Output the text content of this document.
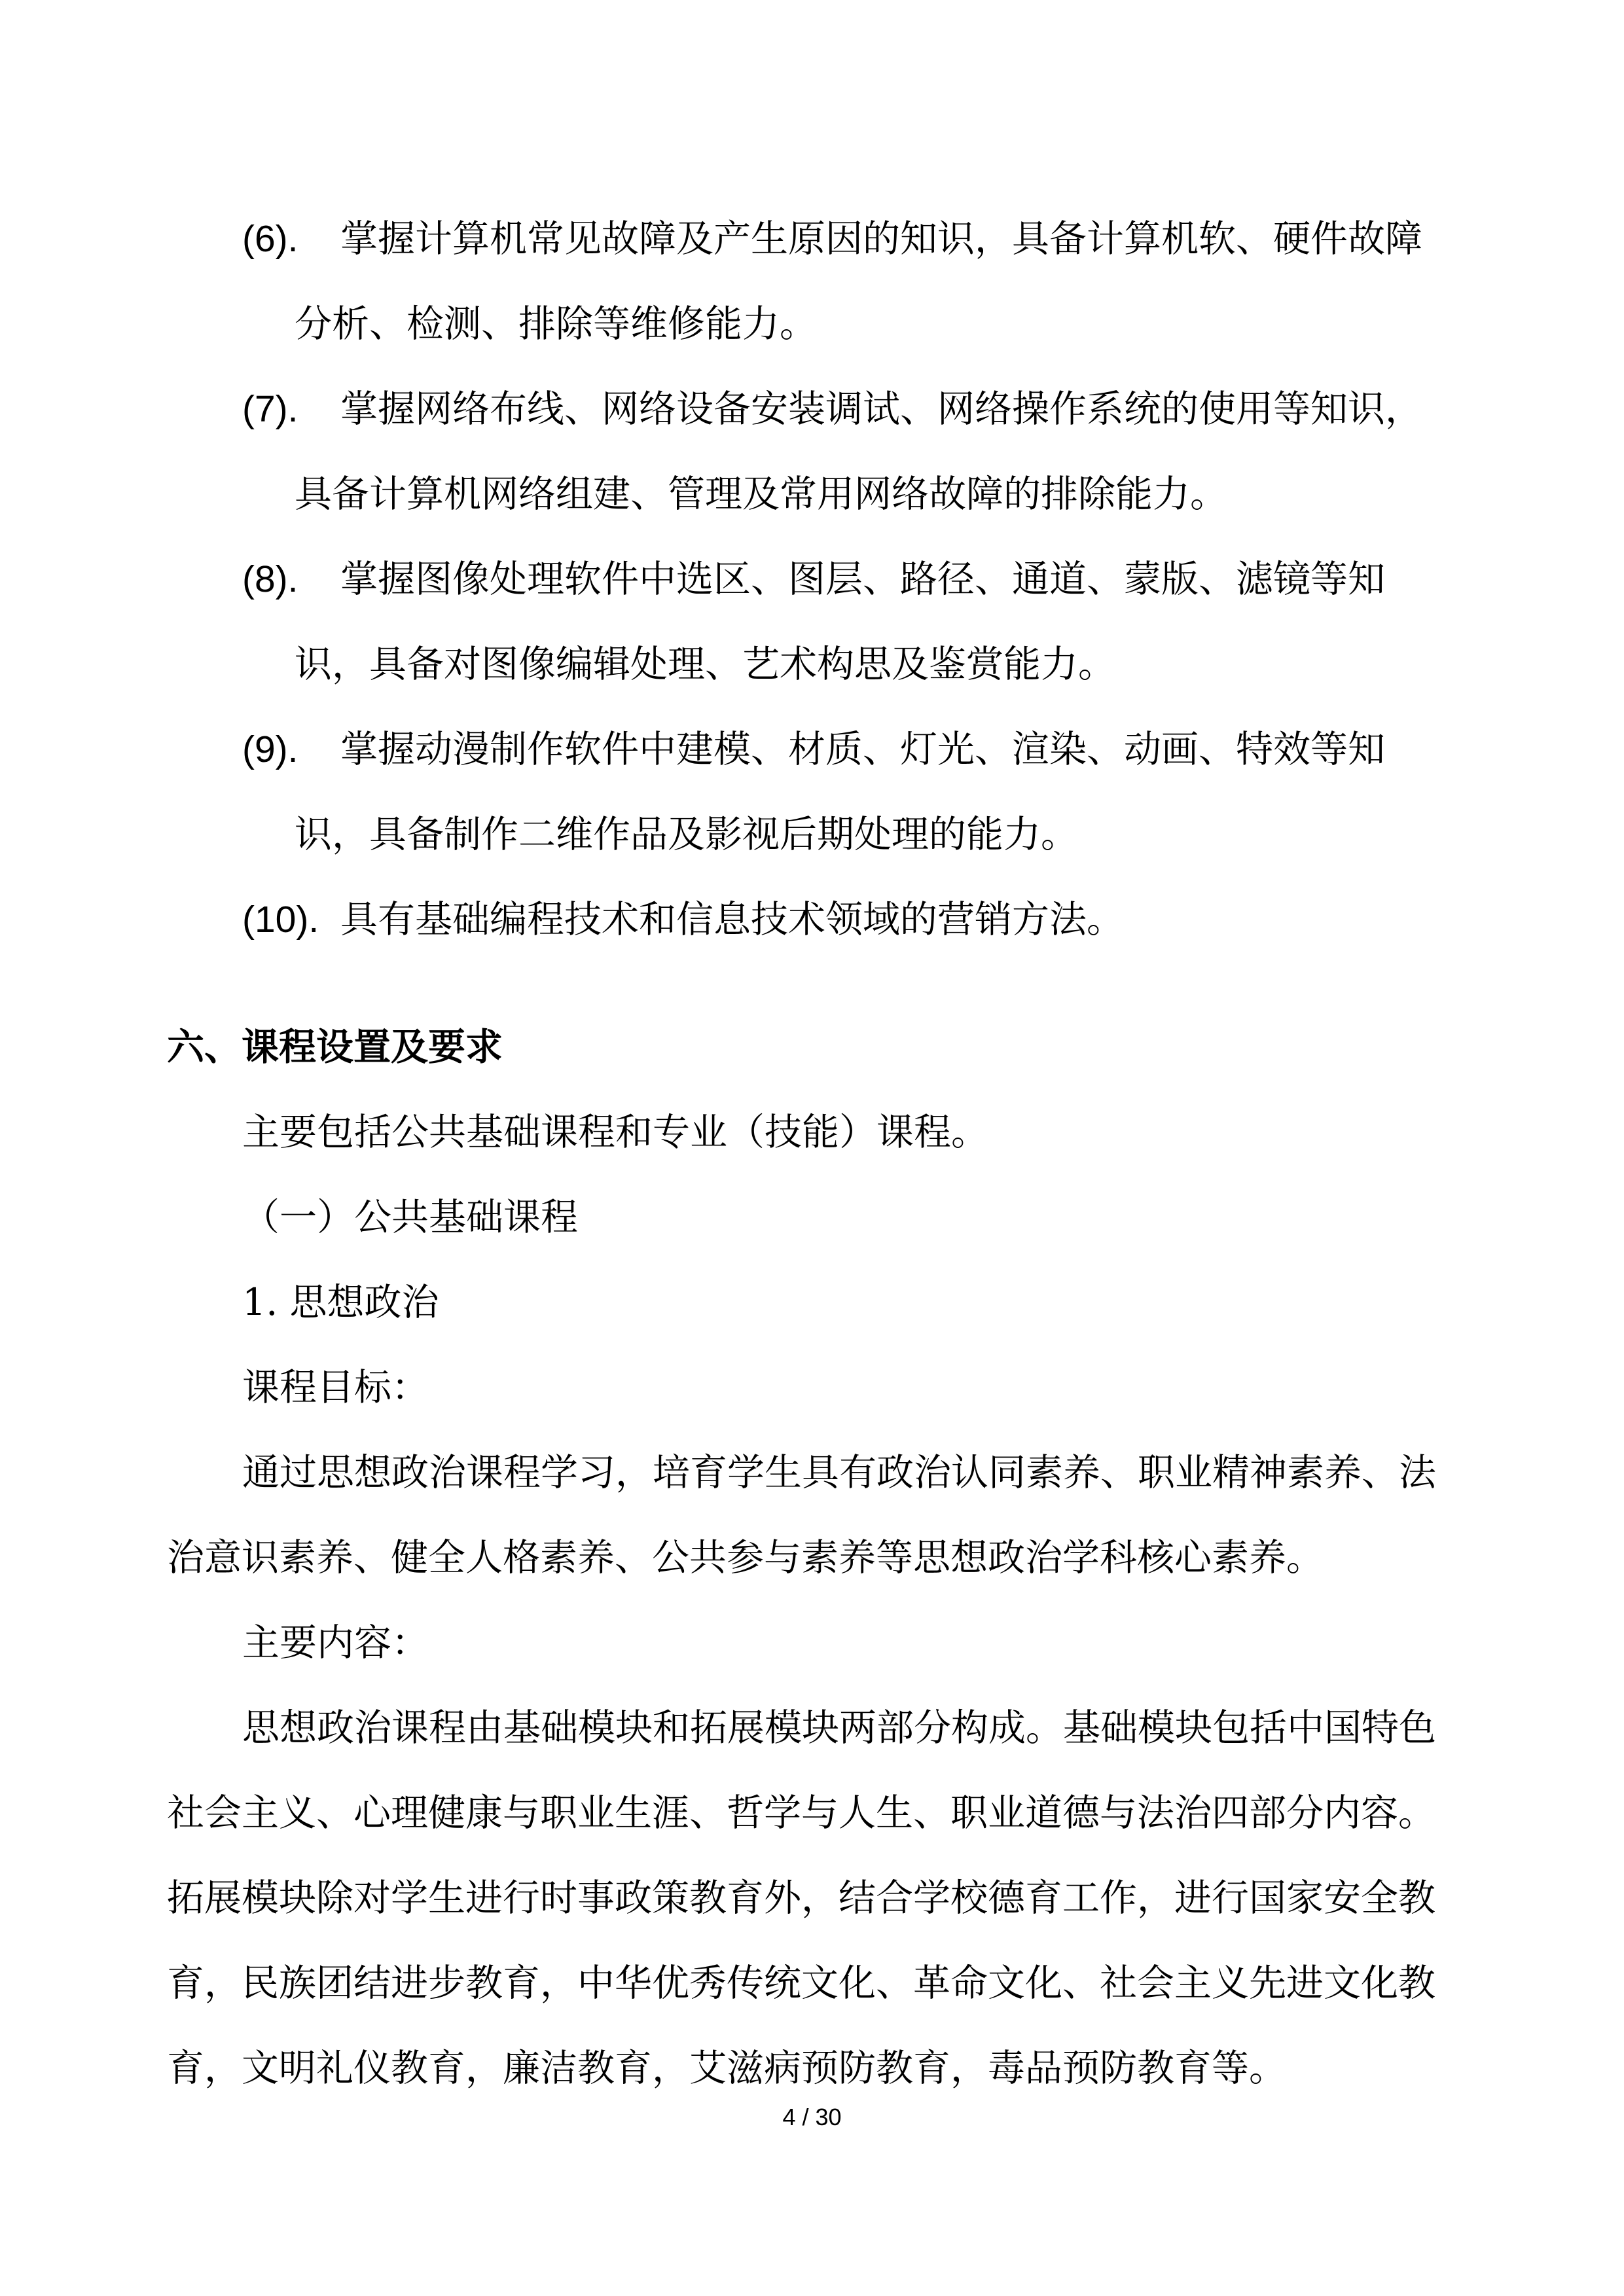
(6). 掌握计算机常见故障及产生原因的知识，具备计算机软、硬件故障
分析、检测、排除等维修能力。
(7). 掌握网络布线、网络设备安装调试、网络操作系统的使用等知识，
具备计算机网络组建、管理及常用网络故障的排除能力。
(8). 掌握图像处理软件中选区、图层、路径、通道、蒙版、滤镜等知
识，具备对图像编辑处理、艺术构思及鉴赏能力。
(9). 掌握动漫制作软件中建模、材质、灯光、渲染、动画、特效等知
识，具备制作二维作品及影视后期处理的能力。
(10). 具有基础编程技术和信息技术领域的营销方法。
六、课程设置及要求
主要包括公共基础课程和专业（技能）课程。
（一）公共基础课程
1. 思想政治
课程目标：
通过思想政治课程学习，培育学生具有政治认同素养、职业精神素养、法
治意识素养、健全人格素养、公共参与素养等思想政治学科核心素养。
主要内容：
思想政治课程由基础模块和拓展模块两部分构成。基础模块包括中国特色
社会主义、心理健康与职业生涯、哲学与人生、职业道德与法治四部分内容。
拓展模块除对学生进行时事政策教育外，结合学校德育工作，进行国家安全教
育，民族团结进步教育，中华优秀传统文化、革命文化、社会主义先进文化教
育，文明礼仪教育，廉洁教育，艾滋病预防教育，毒品预防教育等。
4 / 30
